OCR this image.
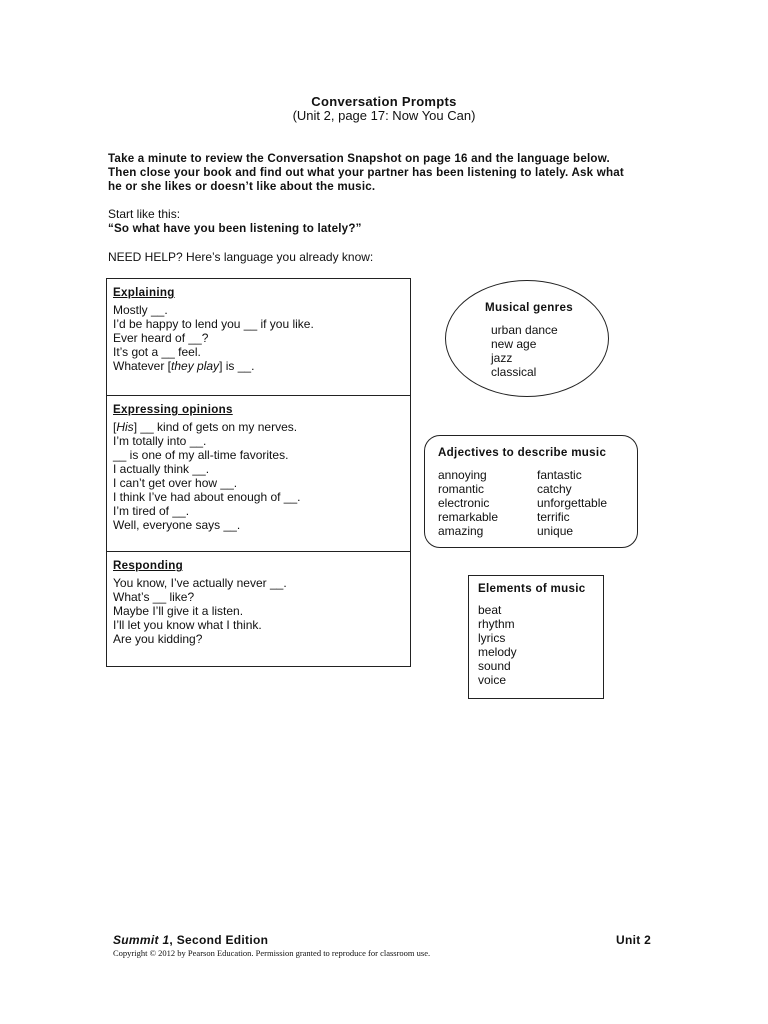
Conversation Prompts
(Unit 2, page 17: Now You Can)
Take a minute to review the Conversation Snapshot on page 16 and the language below. Then close your book and find out what your partner has been listening to lately. Ask what he or she likes or doesn’t like about the music.
Start like this:
“So what have you been listening to lately?”
NEED HELP? Here’s language you already know:
Explaining
Mostly __.
I’d be happy to lend you __ if you like.
Ever heard of __?
It’s got a __ feel.
Whatever [they play] is __.
Expressing opinions
[His] __ kind of gets on my nerves.
I’m totally into __.
__ is one of my all-time favorites.
I actually think __.
I can’t get over how __.
I think I’ve had about enough of __.
I’m tired of __.
Well, everyone says __.
Responding
You know, I’ve actually never __.
What’s __ like?
Maybe I’ll give it a listen.
I’ll let you know what I think.
Are you kidding?
Musical genres
urban dance
new age
jazz
classical
Adjectives to describe music
annoying
romantic
electronic
remarkable
amazing
fantastic
catchy
unforgettable
terrific
unique
Elements of music
beat
rhythm
lyrics
melody
sound
voice
Summit 1, Second Edition	Unit 2
Copyright © 2012 by Pearson Education. Permission granted to reproduce for classroom use.
